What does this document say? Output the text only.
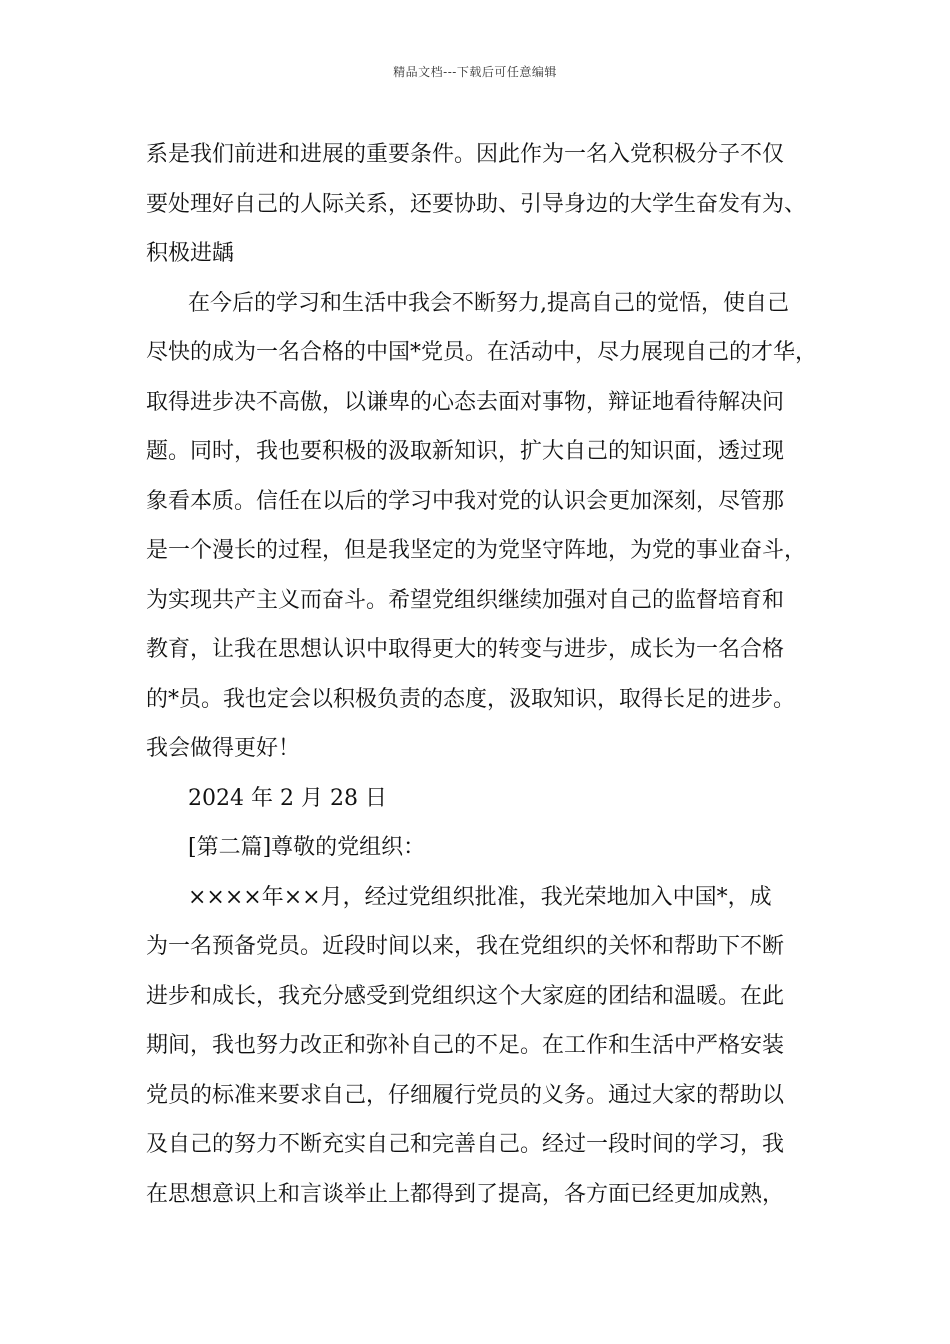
精品文档---下载后可任意编辑
系是我们前进和进展的重要条件。因此作为一名入党积极分子不仅
要处理好自己的人际关系，还要协助、引导身边的大学生奋发有为、
积极进龋
在今后的学习和生活中我会不断努力,提高自己的觉悟，使自己
尽快的成为一名合格的中国*党员。在活动中，尽力展现自己的才华，
取得进步决不高傲，以谦卑的心态去面对事物，辩证地看待解决问
题。同时，我也要积极的汲取新知识，扩大自己的知识面，透过现
象看本质。信任在以后的学习中我对党的认识会更加深刻，尽管那
是一个漫长的过程，但是我坚定的为党坚守阵地，为党的事业奋斗，
为实现共产主义而奋斗。希望党组织继续加强对自己的监督培育和
教育，让我在思想认识中取得更大的转变与进步，成长为一名合格
的*员。我也定会以积极负责的态度，汲取知识，取得长足的进步。
我会做得更好！
2024 年 2 月 28 日
[第二篇]尊敬的党组织：
××××年××月，经过党组织批准，我光荣地加入中国*，成
为一名预备党员。近段时间以来，我在党组织的关怀和帮助下不断
进步和成长，我充分感受到党组织这个大家庭的团结和温暖。在此
期间，我也努力改正和弥补自己的不足。在工作和生活中严格安装
党员的标准来要求自己，仔细履行党员的义务。通过大家的帮助以
及自己的努力不断充实自己和完善自己。经过一段时间的学习，我
在思想意识上和言谈举止上都得到了提高，各方面已经更加成熟，
